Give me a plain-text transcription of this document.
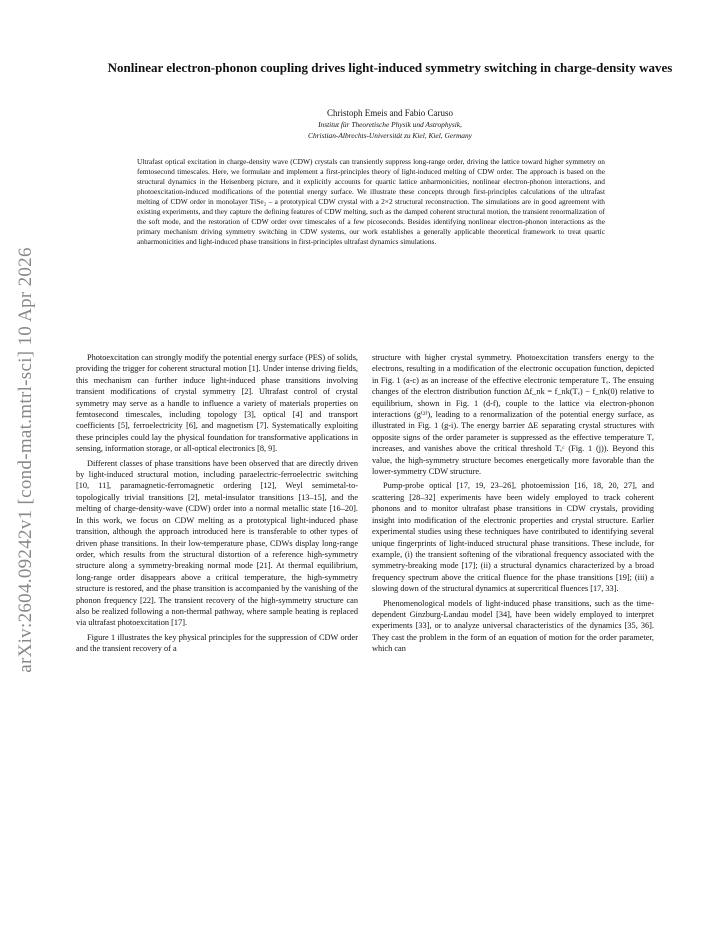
arXiv:2604.09242v1 [cond-mat.mtrl-sci] 10 Apr 2026
Nonlinear electron-phonon coupling drives light-induced symmetry switching in charge-density waves
Christoph Emeis and Fabio Caruso
Institut für Theoretische Physik und Astrophysik,
Christian-Albrechts-Universität zu Kiel, Kiel, Germany

Ultrafast optical excitation in charge-density wave (CDW) crystals can transiently suppress long-range order, driving the lattice toward higher symmetry on femtosecond timescales. Here, we formulate and implement a first-principles theory of light-induced melting of CDW order. The approach is based on the structural dynamics in the Heisenberg picture, and it explicitly accounts for quartic lattice anharmonicities, nonlinear electron-phonon interactions, and photoexcitation-induced modifications of the potential energy surface. We illustrate these concepts through first-principles calculations of the ultrafast melting of CDW order in monolayer TiSe₂ – a prototypical CDW crystal with a 2×2 structural reconstruction. The simulations are in good agreement with existing experiments, and they capture the defining features of CDW melting, such as the damped coherent structural motion, the transient renormalization of the soft mode, and the restoration of CDW order over timescales of a few picoseconds. Besides identifying nonlinear electron-phonon interactions as the primary mechanism driving symmetry switching in CDW systems, our work establishes a generally applicable theoretical framework to treat quartic anharmonicities and light-induced phase transitions in first-principles ultrafast dynamics simulations.

Photoexcitation can strongly modify the potential energy surface (PES) of solids, providing the trigger for coherent structural motion [1]. Under intense driving fields, this mechanism can further induce light-induced phase transitions involving transient modifications of crystal symmetry [2]. Ultrafast control of crystal symmetry may serve as a handle to influence a variety of materials properties on femtosecond timescales, including topology [3], optical [4] and transport coefficients [5], ferroelectricity [6], and magnetism [7]. Systematically exploiting these principles could lay the physical foundation for transformative applications in sensing, information storage, or all-optical electronics [8, 9].

Different classes of phase transitions have been observed that are directly driven by light-induced structural motion, including paraelectric-ferroelectric switching [10, 11], paramagnetic-ferromagnetic ordering [12], Weyl semimetal-to-topologically trivial transitions [2], metal-insulator transitions [13–15], and the melting of charge-density-wave (CDW) order into a normal metallic state [16–20]. In this work, we focus on CDW melting as a prototypical light-induced phase transition, although the approach introduced here is transferable to other types of driven phase transitions. In their low-temperature phase, CDWs display long-range order, which results from the structural distortion of a reference high-symmetry structure along a symmetry-breaking normal mode [21]. At thermal equilibrium, long-range order disappears above a critical temperature, the high-symmetry structure is restored, and the phase transition is accompanied by the vanishing of the phonon frequency [22]. The transient recovery of the high-symmetry structure can also be realized following a non-thermal pathway, where sample heating is replaced via ultrafast photoexcitation [17].

Figure 1 illustrates the key physical principles for the suppression of CDW order and the transient recovery of a

structure with higher crystal symmetry. Photoexcitation transfers energy to the electrons, resulting in a modification of the electronic occupation function, depicted in Fig. 1 (a-c) as an increase of the effective electronic temperature Tₑ. The ensuing changes of the electron distribution function Δf_nk = f_nk(Tₑ) − f_nk(0) relative to equilibrium, shown in Fig. 1 (d-f), couple to the lattice via electron-phonon interactions (g⁽²⁾), leading to a renormalization of the potential energy surface, as illustrated in Fig. 1 (g-i). The energy barrier ΔE separating crystal structures with opposite signs of the order parameter is suppressed as the effective temperature Tₑ increases, and vanishes above the critical threshold Tₑᶜ (Fig. 1 (j)). Beyond this value, the high-symmetry structure becomes energetically more favorable than the lower-symmetry CDW structure.

Pump-probe optical [17, 19, 23–26], photoemission [16, 18, 20, 27], and scattering [28–32] experiments have been widely employed to track coherent phonons and to monitor ultrafast phase transitions in CDW crystals, providing insight into modification of the electronic properties and crystal structure. Earlier experimental studies using these techniques have contributed to identifying several unique fingerprints of light-induced structural phase transitions. These include, for example, (i) the transient softening of the vibrational frequency associated with the symmetry-breaking mode [17]; (ii) a structural dynamics characterized by a broad frequency spectrum above the critical fluence for the phase transitions [19]; (iii) a slowing down of the structural dynamics at supercritical fluences [17, 33].

Phenomenological models of light-induced phase transitions, such as the time-dependent Ginzburg-Landau model [34], have been widely employed to interpret experiments [33], or to analyze universal characteristics of the dynamics [35, 36]. They cast the problem in the form of an equation of motion for the order parameter, which can
